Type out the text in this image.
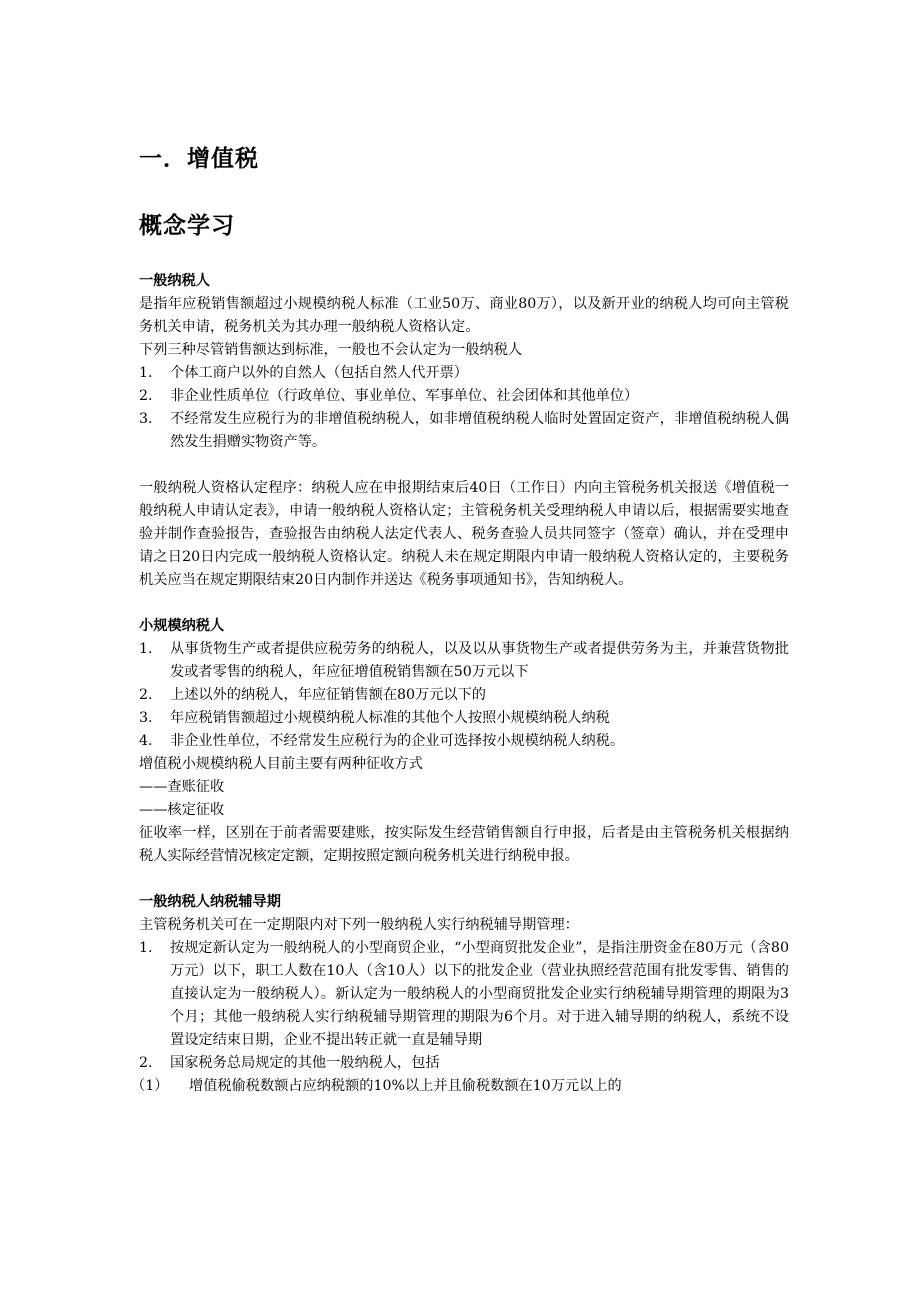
一．增值税
概念学习
一般纳税人
是指年应税销售额超过小规模纳税人标准（工业50万、商业80万），以及新开业的纳税人均可向主管税务机关申请，税务机关为其办理一般纳税人资格认定。
下列三种尽管销售额达到标准，一般也不会认定为一般纳税人
1. 个体工商户以外的自然人（包括自然人代开票）
2. 非企业性质单位（行政单位、事业单位、军事单位、社会团体和其他单位）
3. 不经常发生应税行为的非增值税纳税人，如非增值税纳税人临时处置固定资产，非增值税纳税人偶然发生捐赠实物资产等。
一般纳税人资格认定程序：纳税人应在申报期结束后40日（工作日）内向主管税务机关报送《增值税一般纳税人申请认定表》，申请一般纳税人资格认定；主管税务机关受理纳税人申请以后，根据需要实地查验并制作查验报告，查验报告由纳税人法定代表人、税务查验人员共同签字（签章）确认，并在受理申请之日20日内完成一般纳税人资格认定。纳税人未在规定期限内申请一般纳税人资格认定的，主要税务机关应当在规定期限结束20日内制作并送达《税务事项通知书》，告知纳税人。
小规模纳税人
1. 从事货物生产或者提供应税劳务的纳税人，以及以从事货物生产或者提供劳务为主，并兼营货物批发或者零售的纳税人，年应征增值税销售额在50万元以下
2. 上述以外的纳税人，年应征销售额在80万元以下的
3. 年应税销售额超过小规模纳税人标准的其他个人按照小规模纳税人纳税
4. 非企业性单位，不经常发生应税行为的企业可选择按小规模纳税人纳税。
增值税小规模纳税人目前主要有两种征收方式
——查账征收
——核定征收
征收率一样，区别在于前者需要建账，按实际发生经营销售额自行申报，后者是由主管税务机关根据纳税人实际经营情况核定定额，定期按照定额向税务机关进行纳税申报。
一般纳税人纳税辅导期
主管税务机关可在一定期限内对下列一般纳税人实行纳税辅导期管理：
1. 按规定新认定为一般纳税人的小型商贸企业，“小型商贸批发企业”，是指注册资金在80万元（含80万元）以下，职工人数在10人（含10人）以下的批发企业（营业执照经营范围有批发零售、销售的直接认定为一般纳税人）。新认定为一般纳税人的小型商贸批发企业实行纳税辅导期管理的期限为3个月；其他一般纳税人实行纳税辅导期管理的期限为6个月。对于进入辅导期的纳税人，系统不设置设定结束日期，企业不提出转正就一直是辅导期
2. 国家税务总局规定的其他一般纳税人，包括
（1） 增值税偷税数额占应纳税额的10%以上并且偷税数额在10万元以上的
